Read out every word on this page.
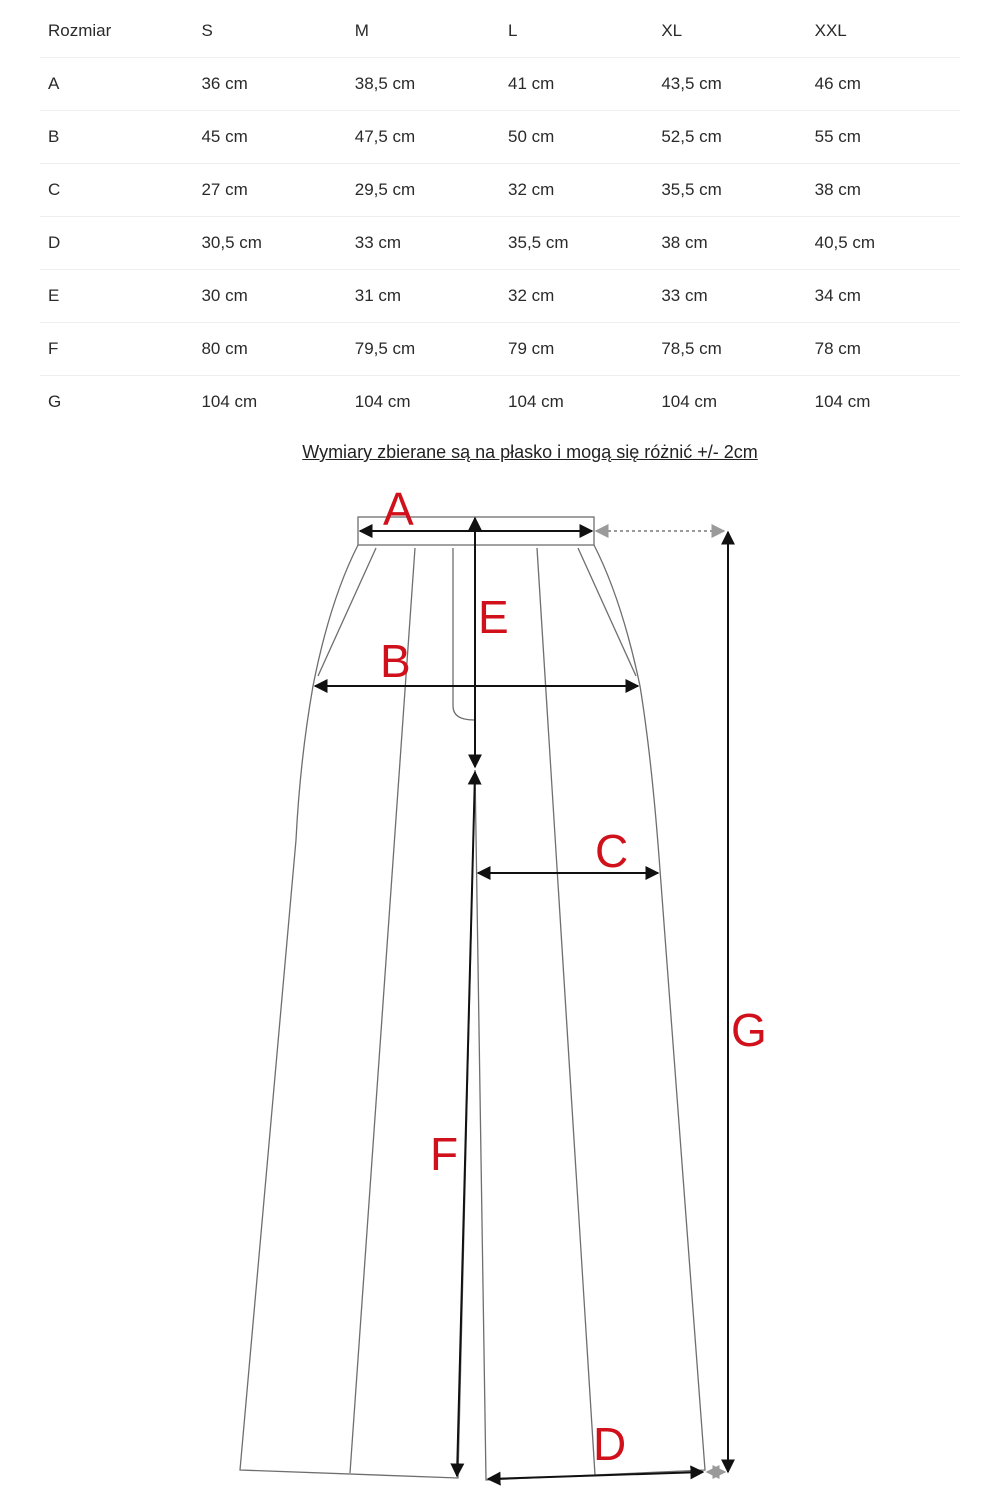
Rozmiar	S	M	L	XL	XXL
A	36 cm	38,5 cm	41 cm	43,5 cm	46 cm
B	45 cm	47,5 cm	50 cm	52,5 cm	55 cm
C	27 cm	29,5 cm	32 cm	35,5 cm	38 cm
D	30,5 cm	33 cm	35,5 cm	38 cm	40,5 cm
E	30 cm	31 cm	32 cm	33 cm	34 cm
F	80 cm	79,5 cm	79 cm	78,5 cm	78 cm
G	104 cm	104 cm	104 cm	104 cm	104 cm
Wymiary zbierane są na płasko i mogą się różnić +/- 2cm
A
E
B
C
G
F
D
